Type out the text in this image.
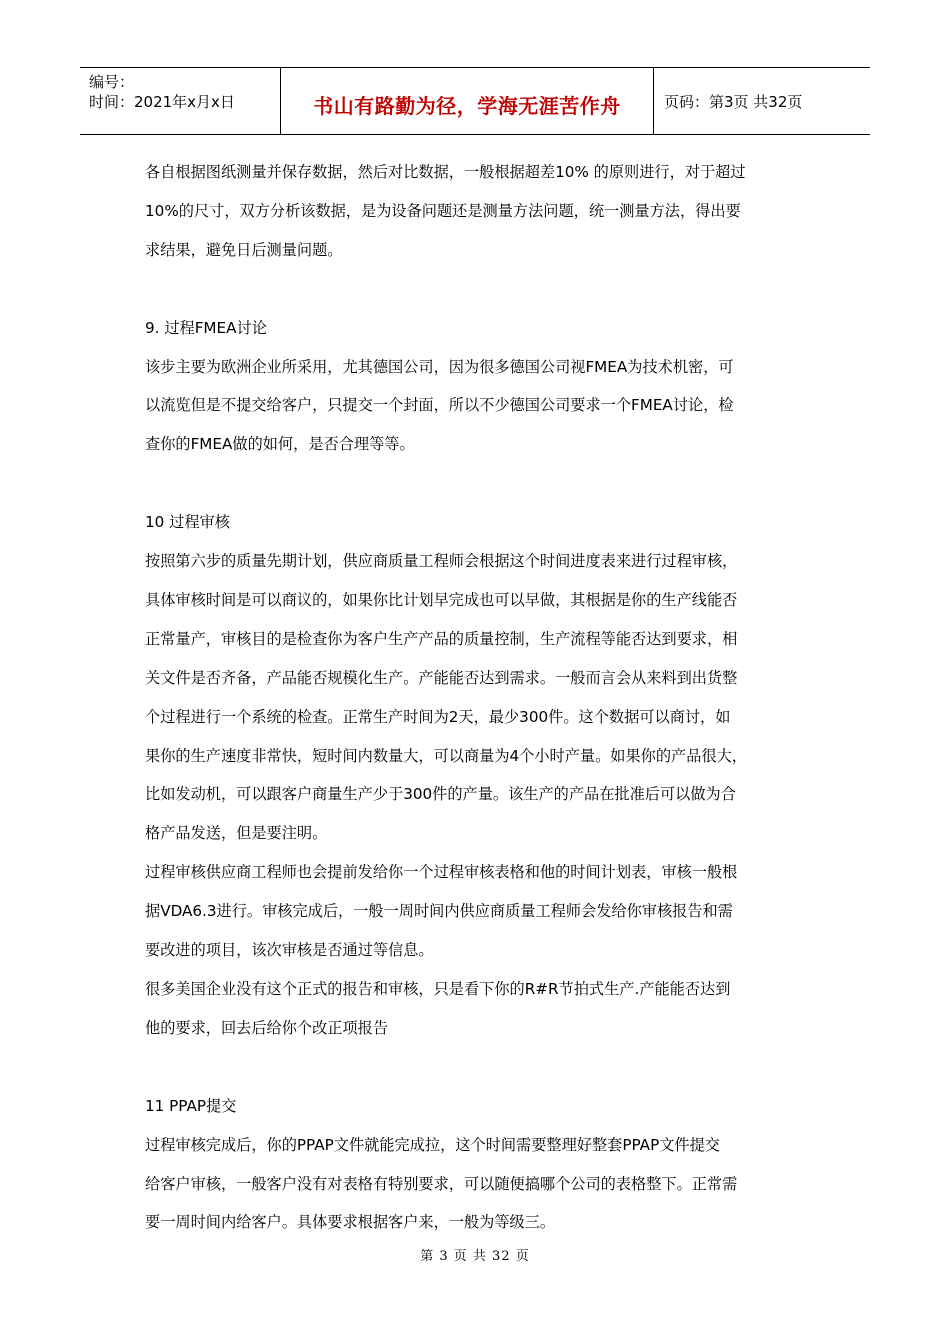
编号：
时间：2021年x月x日	书山有路勤为径，学海无涯苦作舟	页码：第3页 共32页

各自根据图纸测量并保存数据，然后对比数据，一般根据超差10% 的原则进行，对于超过

10%的尺寸，双方分析该数据，是为设备问题还是测量方法问题，统一测量方法，得出要

求结果，避免日后测量问题。

9. 过程FMEA讨论

该步主要为欧洲企业所采用，尤其德国公司，因为很多德国公司视FMEA为技术机密，可

以流览但是不提交给客户，只提交一个封面，所以不少德国公司要求一个FMEA讨论，检

查你的FMEA做的如何，是否合理等等。

10 过程审核

按照第六步的质量先期计划，供应商质量工程师会根据这个时间进度表来进行过程审核，

具体审核时间是可以商议的，如果你比计划早完成也可以早做，其根据是你的生产线能否

正常量产，审核目的是检查你为客户生产产品的质量控制，生产流程等能否达到要求，相

关文件是否齐备，产品能否规模化生产。产能能否达到需求。一般而言会从来料到出货整

个过程进行一个系统的检查。正常生产时间为2天，最少300件。这个数据可以商讨，如

果你的生产速度非常快，短时间内数量大，可以商量为4个小时产量。如果你的产品很大，

比如发动机，可以跟客户商量生产少于300件的产量。该生产的产品在批准后可以做为合

格产品发送，但是要注明。

过程审核供应商工程师也会提前发给你一个过程审核表格和他的时间计划表，审核一般根

据VDA6.3进行。审核完成后，一般一周时间内供应商质量工程师会发给你审核报告和需

要改进的项目，该次审核是否通过等信息。

很多美国企业没有这个正式的报告和审核，只是看下你的R#R节拍式生产.产能能否达到

他的要求，回去后给你个改正项报告

11 PPAP提交

过程审核完成后，你的PPAP文件就能完成拉，这个时间需要整理好整套PPAP文件提交

给客户审核，一般客户没有对表格有特别要求，可以随便搞哪个公司的表格整下。正常需

要一周时间内给客户。具体要求根据客户来，一般为等级三。

第 3 页 共 32 页
